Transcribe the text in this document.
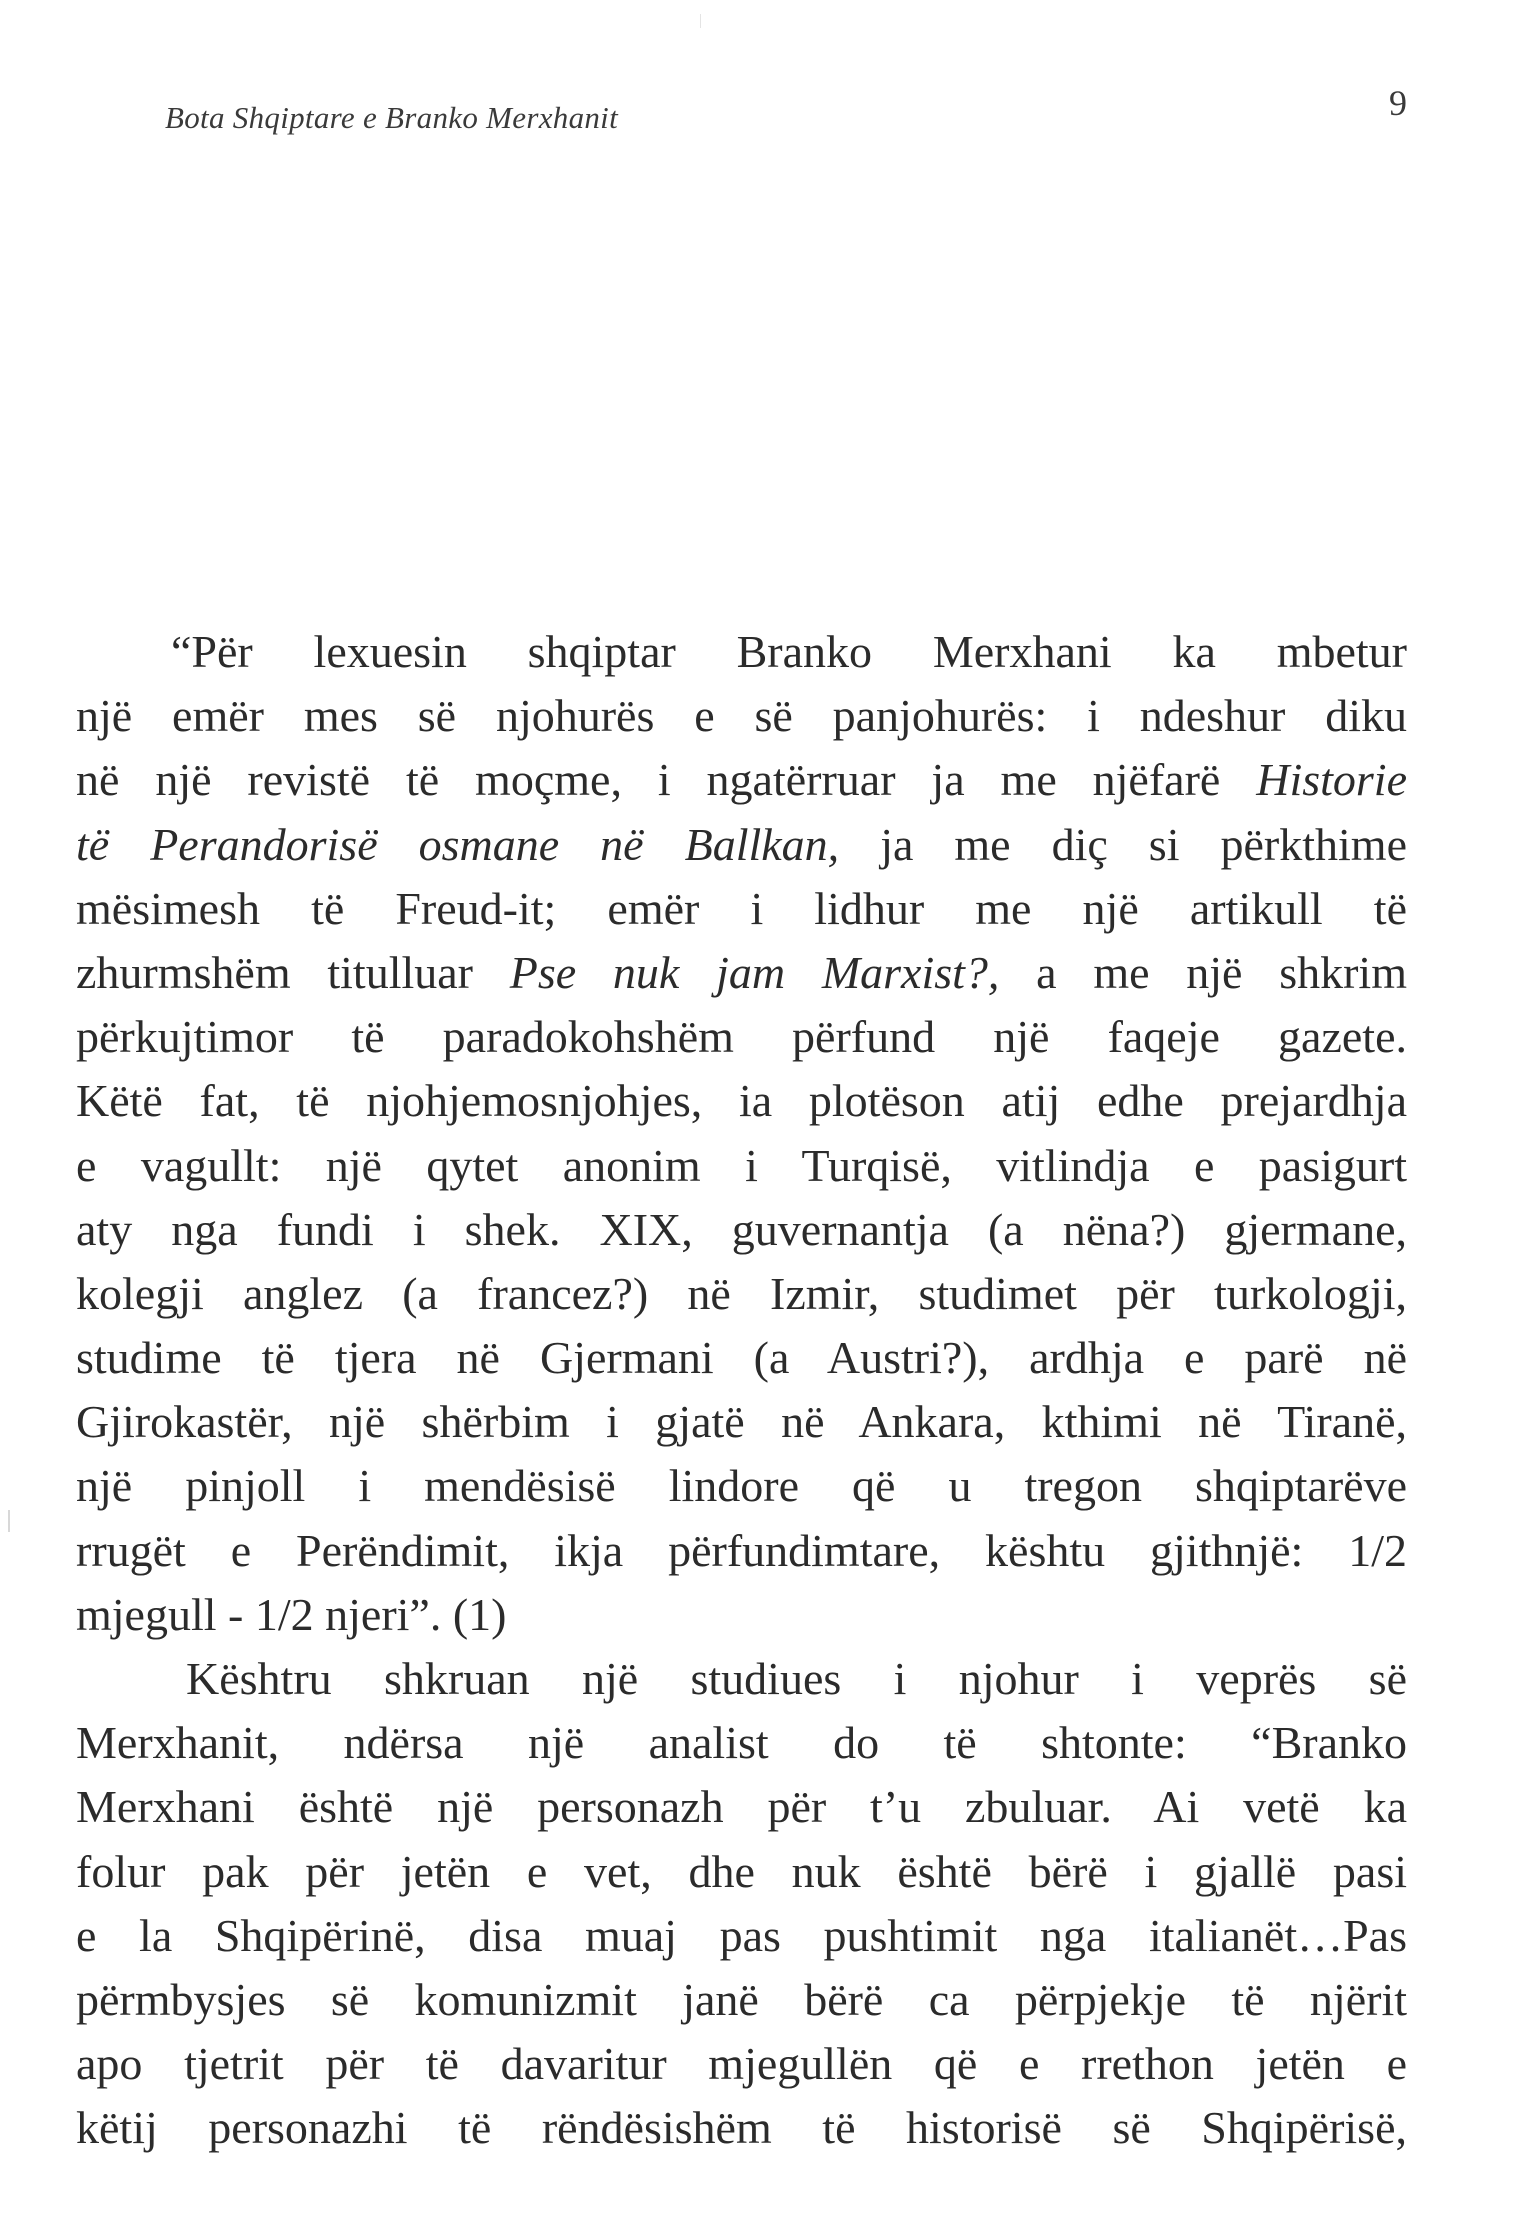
Bota Shqiptare e Branko Merxhanit	9
“Për lexuesin shqiptar Branko Merxhani ka mbetur
një emër mes së njohurës e së panjohurës: i ndeshur diku
në një revistë të moçme, i ngatërruar ja me njëfarë Historie
të Perandorisë osmane në Ballkan, ja me diç si përkthime
mësimesh të Freud-it; emër i lidhur me një artikull të
zhurmshëm titulluar Pse nuk jam Marxist?, a me një shkrim
përkujtimor të paradokohshëm përfund një faqeje gazete.
Këtë fat, të njohjemosnjohjes, ia plotëson atij edhe prejardhja
e vagullt: një qytet anonim i Turqisë, vitlindja e pasigurt
aty nga fundi i shek. XIX, guvernantja (a nëna?) gjermane,
kolegji anglez (a francez?) në Izmir, studimet për turkologji,
studime të tjera në Gjermani (a Austri?), ardhja e parë në
Gjirokastër, një shërbim i gjatë në Ankara, kthimi në Tiranë,
një pinjoll i mendësisë lindore që u tregon shqiptarëve
rrugët e Perëndimit, ikja përfundimtare, kështu gjithnjë: 1/2
mjegull - 1/2 njeri”. (1)
Kështru shkruan një studiues i njohur i veprës së
Merxhanit, ndërsa një analist do të shtonte: “Branko
Merxhani është një personazh për t’u zbuluar. Ai vetë ka
folur pak për jetën e vet, dhe nuk është bërë i gjallë pasi
e la Shqipërinë, disa muaj pas pushtimit nga italianët…Pas
përmbysjes së komunizmit janë bërë ca përpjekje të njërit
apo tjetrit për të davaritur mjegullën që e rrethon jetën e
këtij personazhi të rëndësishëm të historisë së Shqipërisë,
